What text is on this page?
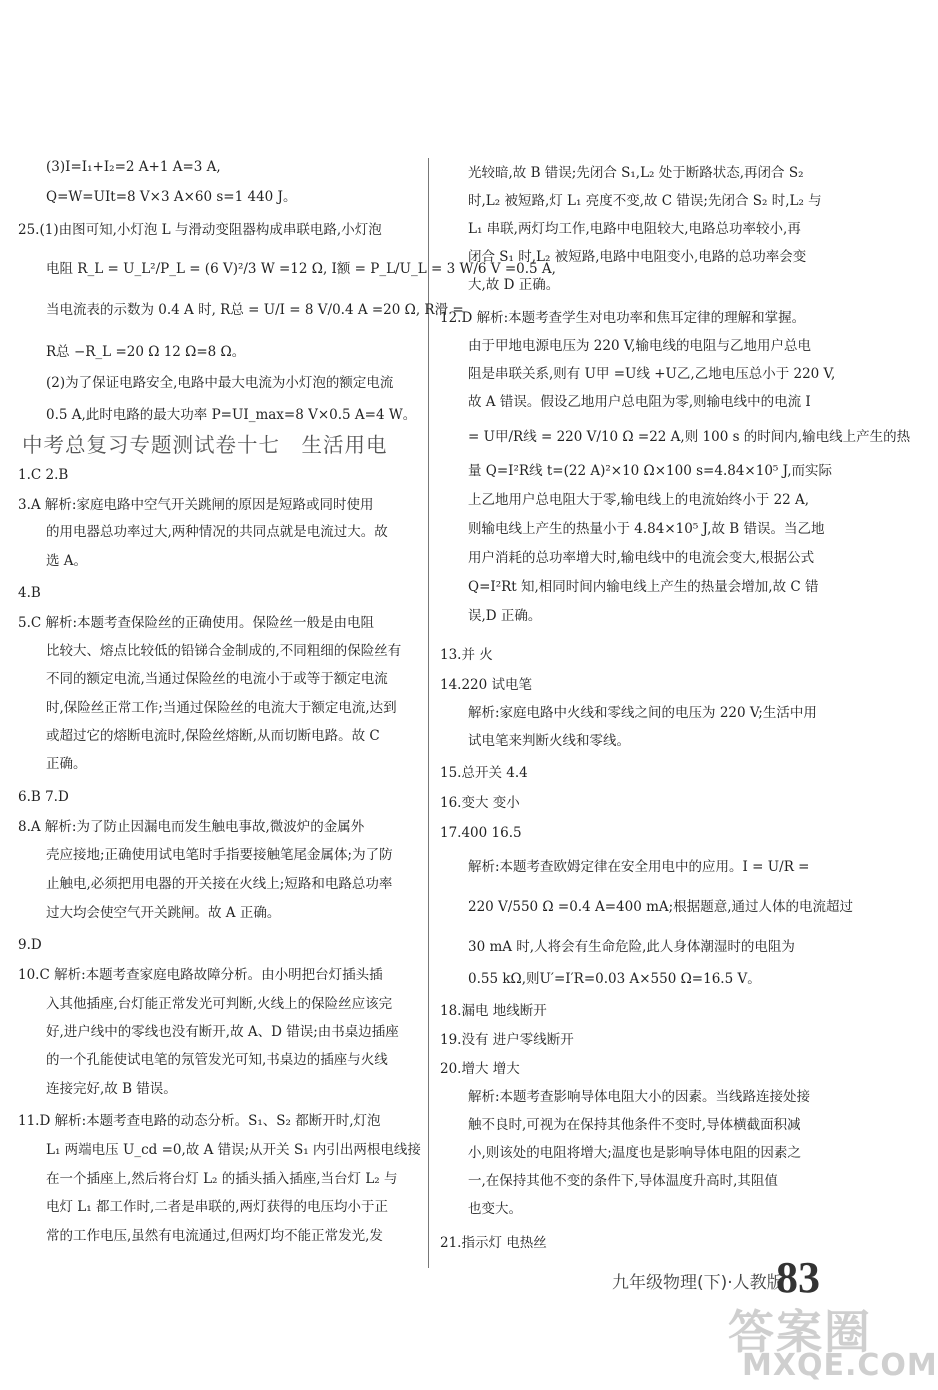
(3)I=I₁+I₂=2 A+1 A=3 A,
Q=W=UIt=8 V×3 A×60 s=1 440 J。
25.(1)由图可知,小灯泡 L 与滑动变阻器构成串联电路,小灯泡
电阻 R_L = U_L²/P_L = (6 V)²/3 W =12 Ω, I额 = P_L/U_L = 3 W/6 V =0.5 A,
当电流表的示数为 0.4 A 时, R总 = U/I = 8 V/0.4 A =20 Ω, R滑 =
R总 −R_L =20 Ω 12 Ω=8 Ω。
(2)为了保证电路安全,电路中最大电流为小灯泡的额定电流
0.5 A,此时电路的最大功率 P=UI_max=8 V×0.5 A=4 W。
中考总复习专题测试卷十七　生活用电
1.C 2.B
3.A 解析:家庭电路中空气开关跳闸的原因是短路或同时使用
的用电器总功率过大,两种情况的共同点就是电流过大。故
选 A。
4.B
5.C 解析:本题考查保险丝的正确使用。保险丝一般是由电阻
比较大、熔点比较低的铅锑合金制成的,不同粗细的保险丝有
不同的额定电流,当通过保险丝的电流小于或等于额定电流
时,保险丝正常工作;当通过保险丝的电流大于额定电流,达到
或超过它的熔断电流时,保险丝熔断,从而切断电路。故 C
正确。
6.B 7.D
8.A 解析:为了防止因漏电而发生触电事故,微波炉的金属外
壳应接地;正确使用试电笔时手指要接触笔尾金属体;为了防
止触电,必须把用电器的开关接在火线上;短路和电路总功率
过大均会使空气开关跳闸。故 A 正确。
9.D
10.C 解析:本题考查家庭电路故障分析。由小明把台灯插头插
入其他插座,台灯能正常发光可判断,火线上的保险丝应该完
好,进户线中的零线也没有断开,故 A、D 错误;由书桌边插座
的一个孔能使试电笔的氖管发光可知,书桌边的插座与火线
连接完好,故 B 错误。
11.D 解析:本题考查电路的动态分析。S₁、S₂ 都断开时,灯泡
L₁ 两端电压 U_cd =0,故 A 错误;从开关 S₁ 内引出两根电线接
在一个插座上,然后将台灯 L₂ 的插头插入插座,当台灯 L₂ 与
电灯 L₁ 都工作时,二者是串联的,两灯获得的电压均小于正
常的工作电压,虽然有电流通过,但两灯均不能正常发光,发
光较暗,故 B 错误;先闭合 S₁,L₂ 处于断路状态,再闭合 S₂
时,L₂ 被短路,灯 L₁ 亮度不变,故 C 错误;先闭合 S₂ 时,L₂ 与
L₁ 串联,两灯均工作,电路中电阻较大,电路总功率较小,再
闭合 S₁ 时,L₂ 被短路,电路中电阻变小,电路的总功率会变
大,故 D 正确。
12.D 解析:本题考查学生对电功率和焦耳定律的理解和掌握。
由于甲地电源电压为 220 V,输电线的电阻与乙地用户总电
阻是串联关系,则有 U甲 =U线 +U乙,乙地电压总小于 220 V,
故 A 错误。假设乙地用户总电阻为零,则输电线中的电流 I
= U甲/R线 = 220 V/10 Ω =22 A,则 100 s 的时间内,输电线上产生的热
量 Q=I²R线 t=(22 A)²×10 Ω×100 s=4.84×10⁵ J,而实际
上乙地用户总电阻大于零,输电线上的电流始终小于 22 A,
则输电线上产生的热量小于 4.84×10⁵ J,故 B 错误。当乙地
用户消耗的总功率增大时,输电线中的电流会变大,根据公式
Q=I²Rt 知,相同时间内输电线上产生的热量会增加,故 C 错
误,D 正确。
13.并 火
14.220 试电笔
解析:家庭电路中火线和零线之间的电压为 220 V;生活中用
试电笔来判断火线和零线。
15.总开关 4.4
16.变大 变小
17.400 16.5
解析:本题考查欧姆定律在安全用电中的应用。I = U/R =
220 V/550 Ω =0.4 A=400 mA;根据题意,通过人体的电流超过
30 mA 时,人将会有生命危险,此人身体潮湿时的电阻为
0.55 kΩ,则U′=I′R=0.03 A×550 Ω=16.5 V。
18.漏电 地线断开
19.没有 进户零线断开
20.增大 增大
解析:本题考查影响导体电阻大小的因素。当线路连接处接
触不良时,可视为在保持其他条件不变时,导体横截面积减
小,则该处的电阻将增大;温度也是影响导体电阻的因素之
一,在保持其他不变的条件下,导体温度升高时,其阻值
也变大。
21.指示灯 电热丝
九年级物理(下)·人教版
83
答案圈
MXQE.COM
